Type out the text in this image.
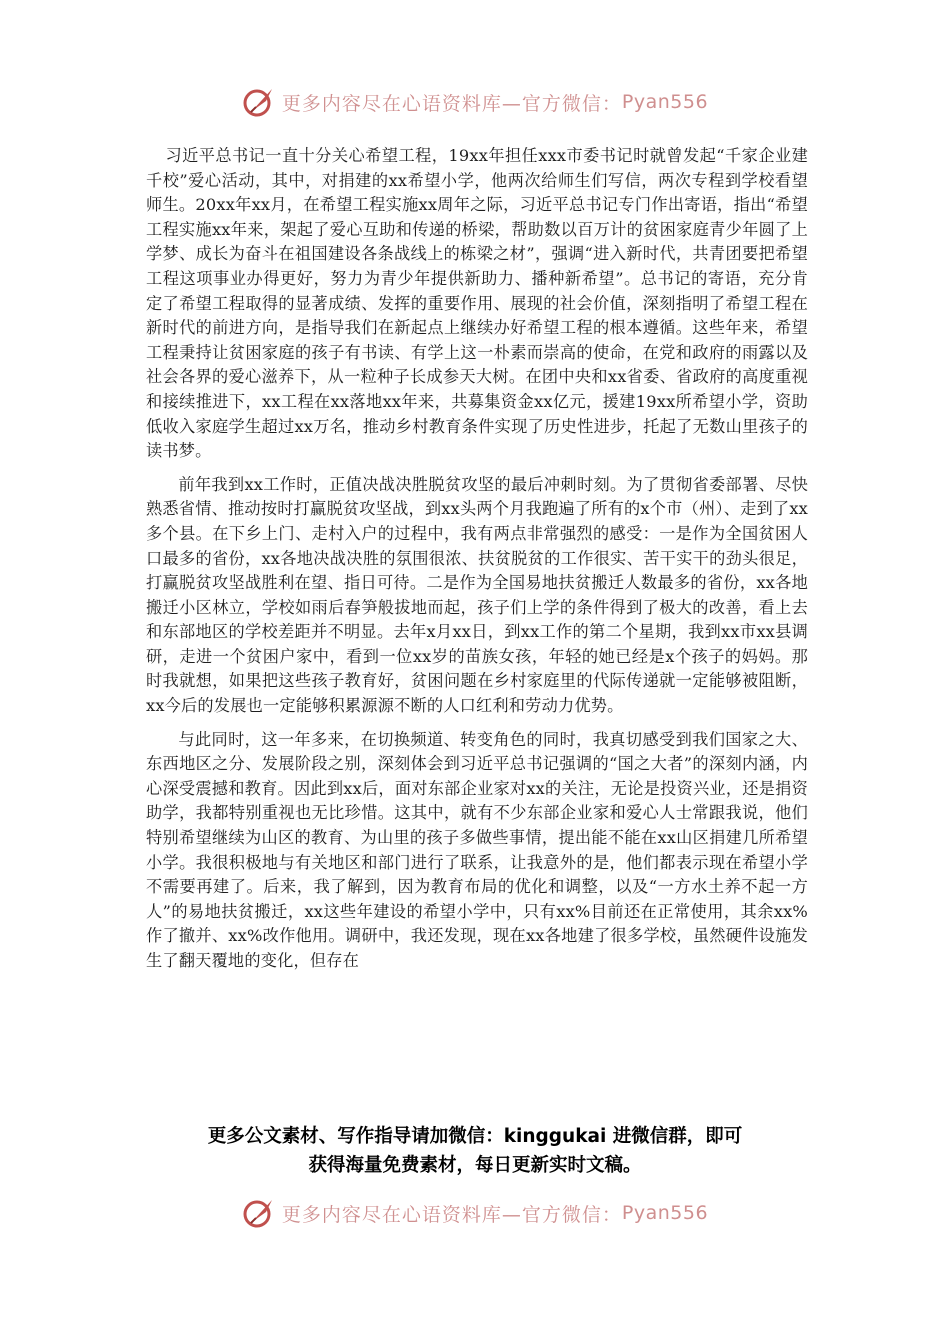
更多内容尽在心语资料库—官方微信： Pyan556

习近平总书记一直十分关心希望工程，19xx年担任xxx市委书记时就曾发起“千家企业建千校”爱心活动，其中，对捐建的xx希望小学，他两次给师生们写信，两次专程到学校看望师生。20xx年xx月，在希望工程实施xx周年之际，习近平总书记专门作出寄语，指出“希望工程实施xx年来，架起了爱心互助和传递的桥梁，帮助数以百万计的贫困家庭青少年圆了上学梦、成长为奋斗在祖国建设各条战线上的栋梁之材”，强调“进入新时代，共青团要把希望工程这项事业办得更好，努力为青少年提供新助力、播种新希望”。总书记的寄语，充分肯定了希望工程取得的显著成绩、发挥的重要作用、展现的社会价值，深刻指明了希望工程在新时代的前进方向，是指导我们在新起点上继续办好希望工程的根本遵循。这些年来，希望工程秉持让贫困家庭的孩子有书读、有学上这一朴素而崇高的使命，在党和政府的雨露以及社会各界的爱心滋养下，从一粒种子长成参天大树。在团中央和xx省委、省政府的高度重视和接续推进下，xx工程在xx落地xx年来，共募集资金xx亿元，援建19xx所希望小学，资助低收入家庭学生超过xx万名，推动乡村教育条件实现了历史性进步，托起了无数山里孩子的读书梦。

前年我到xx工作时，正值决战决胜脱贫攻坚的最后冲刺时刻。为了贯彻省委部署、尽快熟悉省情、推动按时打赢脱贫攻坚战，到xx头两个月我跑遍了所有的x个市（州）、走到了xx多个县。在下乡上门、走村入户的过程中，我有两点非常强烈的感受：一是作为全国贫困人口最多的省份，xx各地决战决胜的氛围很浓、扶贫脱贫的工作很实、苦干实干的劲头很足，打赢脱贫攻坚战胜利在望、指日可待。二是作为全国易地扶贫搬迁人数最多的省份，xx各地搬迁小区林立，学校如雨后春笋般拔地而起，孩子们上学的条件得到了极大的改善，看上去和东部地区的学校差距并不明显。去年x月xx日，到xx工作的第二个星期，我到xx市xx县调研，走进一个贫困户家中，看到一位xx岁的苗族女孩，年轻的她已经是x个孩子的妈妈。那时我就想，如果把这些孩子教育好，贫困问题在乡村家庭里的代际传递就一定能够被阻断，xx今后的发展也一定能够积累源源不断的人口红利和劳动力优势。

与此同时，这一年多来，在切换频道、转变角色的同时，我真切感受到我们国家之大、东西地区之分、发展阶段之别，深刻体会到习近平总书记强调的“国之大者”的深刻内涵，内心深受震撼和教育。因此到xx后，面对东部企业家对xx的关注，无论是投资兴业，还是捐资助学，我都特别重视也无比珍惜。这其中，就有不少东部企业家和爱心人士常跟我说，他们特别希望继续为山区的教育、为山里的孩子多做些事情，提出能不能在xx山区捐建几所希望小学。我很积极地与有关地区和部门进行了联系，让我意外的是，他们都表示现在希望小学不需要再建了。后来，我了解到，因为教育布局的优化和调整，以及“一方水土养不起一方人”的易地扶贫搬迁，xx这些年建设的希望小学中，只有xx%目前还在正常使用，其余xx%作了撤并、xx%改作他用。调研中，我还发现，现在xx各地建了很多学校，虽然硬件设施发生了翻天覆地的变化，但存在

更多公文素材、写作指导请加微信：kinggukai 进微信群，即可
获得海量免费素材，每日更新实时文稿。
更多内容尽在心语资料库—官方微信： Pyan556
